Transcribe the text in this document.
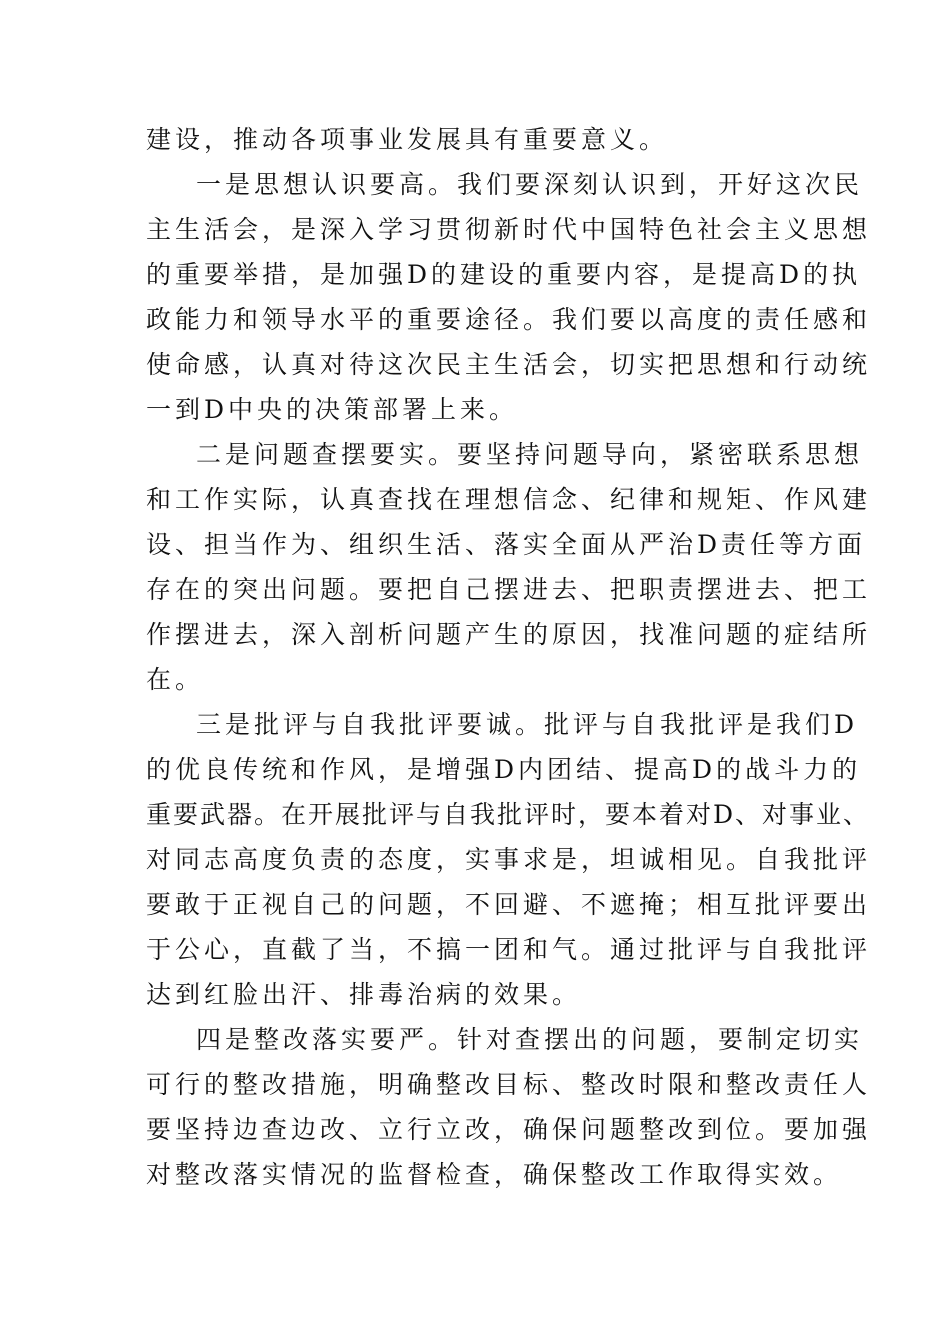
建设，推动各项事业发展具有重要意义。
一是思想认识要高。我们要深刻认识到，开好这次民
主生活会，是深入学习贯彻新时代中国特色社会主义思想
的重要举措，是加强D的建设的重要内容，是提高D的执
政能力和领导水平的重要途径。我们要以高度的责任感和
使命感，认真对待这次民主生活会，切实把思想和行动统
一到D中央的决策部署上来。
二是问题查摆要实。要坚持问题导向，紧密联系思想
和工作实际，认真查找在理想信念、纪律和规矩、作风建
设、担当作为、组织生活、落实全面从严治D责任等方面
存在的突出问题。要把自己摆进去、把职责摆进去、把工
作摆进去，深入剖析问题产生的原因，找准问题的症结所
在。
三是批评与自我批评要诚。批评与自我批评是我们D
的优良传统和作风，是增强D内团结、提高D的战斗力的
重要武器。在开展批评与自我批评时，要本着对D、对事业、
对同志高度负责的态度，实事求是，坦诚相见。自我批评
要敢于正视自己的问题，不回避、不遮掩；相互批评要出
于公心，直截了当，不搞一团和气。通过批评与自我批评
达到红脸出汗、排毒治病的效果。
四是整改落实要严。针对查摆出的问题，要制定切实
可行的整改措施，明确整改目标、整改时限和整改责任人
要坚持边查边改、立行立改，确保问题整改到位。要加强
对整改落实情况的监督检查，确保整改工作取得实效。
